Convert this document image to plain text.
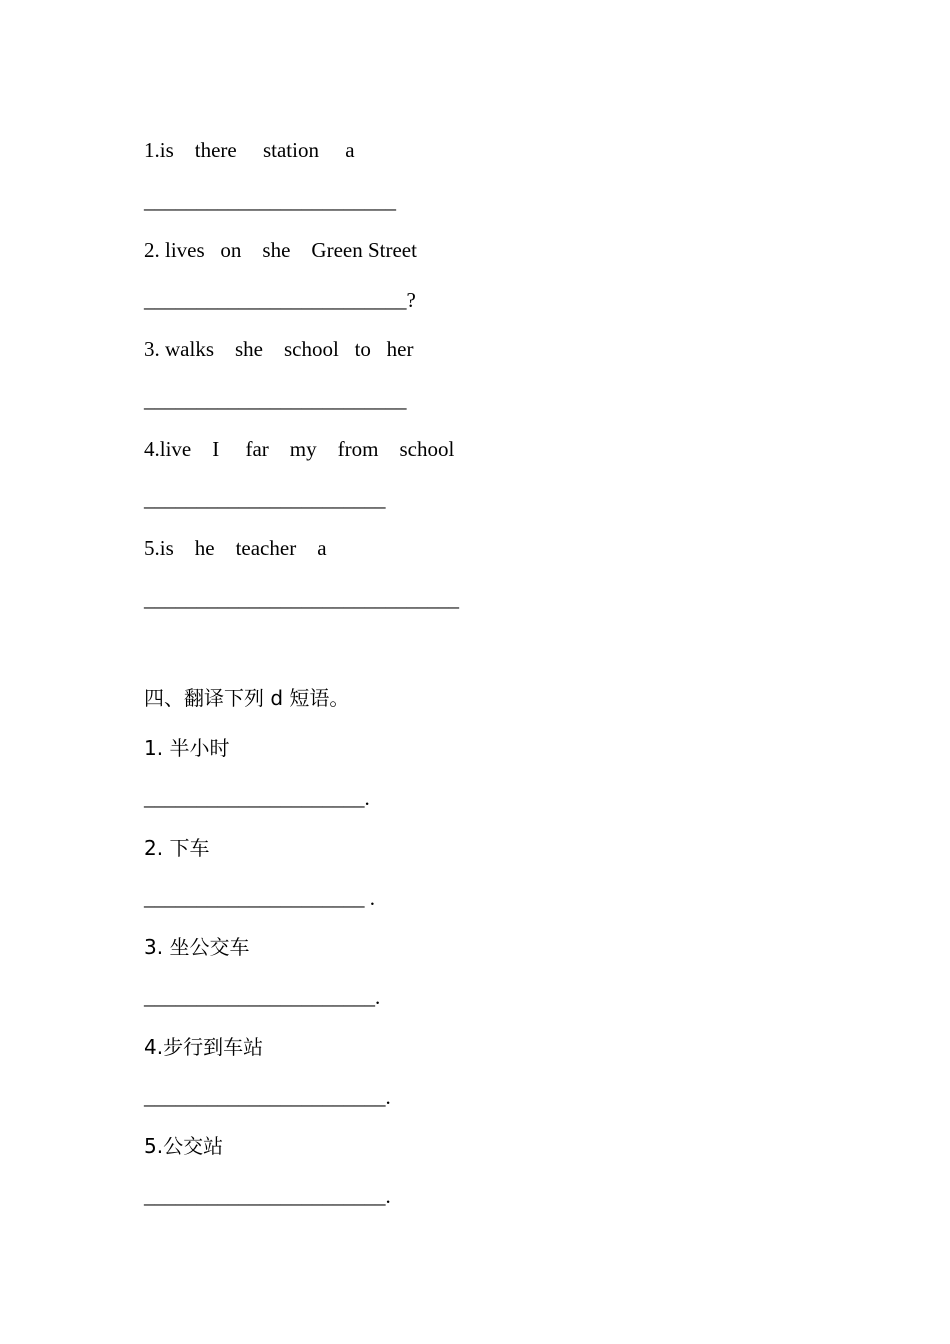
1.is    there     station     a
________________________
2. lives   on    she    Green Street
_________________________?
3. walks    she    school   to   her
_________________________
4.live    I     far    my    from    school
_______________________
5.is    he    teacher    a
______________________________
四、翻译下列 d 短语。
1. 半小时
_____________________.
2. 下车
_____________________ .
3. 坐公交车
______________________.
4.步行到车站
_______________________.
5.公交站
_______________________.
